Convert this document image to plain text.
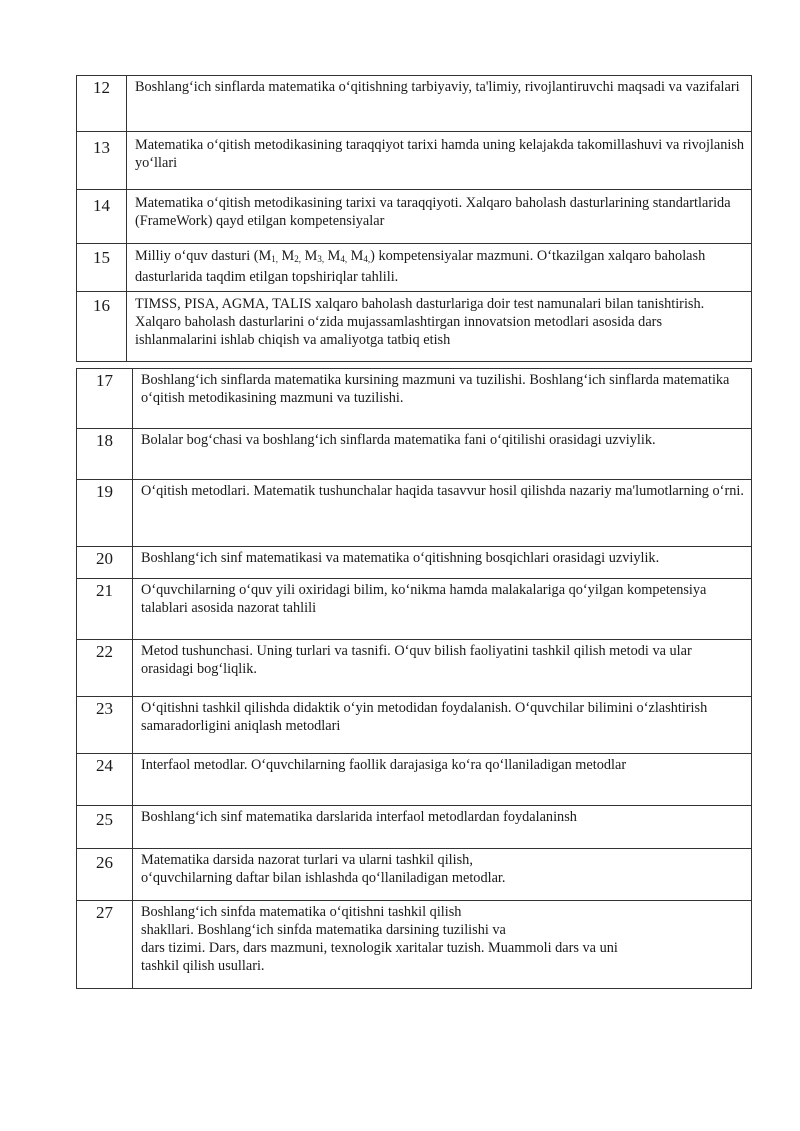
12	Boshlang‘ich sinflarda matematika o‘qitishning tarbiyaviy, ta'limiy, rivojlantiruvchi maqsadi va vazifalari
13	Matematika o‘qitish metodikasining taraqqiyot tarixi hamda uning kelajakda takomillashuvi va rivojlanish yo‘llari
14	Matematika o‘qitish metodikasining tarixi va taraqqiyoti. Xalqaro baholash dasturlarining standartlarida (FrameWork) qayd etilgan kompetensiyalar
15	Milliy o‘quv dasturi ($M_{1,}$ $M_{2,}$ $M_{3,}$ $M_{4,}$ $M_{4,}$) kompetensiyalar mazmuni. O‘tkazilgan xalqaro baholash dasturlarida taqdim etilgan topshiriqlar tahlili.
16	TIMSS, PISA, AGMA, TALIS xalqaro baholash dasturlariga doir test namunalari bilan tanishtirish. Xalqaro baholash dasturlarini o‘zida mujassamlashtirgan innovatsion metodlari asosida dars ishlanmalarini ishlab chiqish va amaliyotga tatbiq etish
17	Boshlang‘ich sinflarda matematika kursining mazmuni va tuzilishi. Boshlang‘ich sinflarda matematika o‘qitish metodikasining mazmuni va tuzilishi.
18	Bolalar bog‘chasi va boshlang‘ich sinflarda matematika fani o‘qitilishi orasidagi uzviylik.
19	O‘qitish metodlari. Matematik tushunchalar haqida tasavvur hosil qilishda nazariy ma'lumotlarning o‘rni.
20	Boshlang‘ich sinf matematikasi va matematika o‘qitishning bosqichlari orasidagi uzviylik.
21	O‘quvchilarning o‘quv yili oxiridagi bilim, ko‘nikma hamda malakalariga qo‘yilgan kompetensiya talablari asosida nazorat tahlili
22	Metod tushunchasi. Uning turlari va tasnifi. O‘quv bilish faoliyatini tashkil qilish metodi va ular orasidagi bog‘liqlik.
23	O‘qitishni tashkil qilishda didaktik o‘yin metodidan foydalanish. O‘quvchilar bilimini o‘zlashtirish samaradorligini aniqlash metodlari
24	Interfaol metodlar. O‘quvchilarning faollik darajasiga ko‘ra qo‘llaniladigan metodlar
25	Boshlang‘ich sinf matematika darslarida interfaol metodlardan foydalaninsh
26	Matematika darsida nazorat turlari va ularni tashkil qilish,
o‘quvchilarning daftar bilan ishlashda qo‘llaniladigan metodlar.
27	Boshlang‘ich sinfda matematika o‘qitishni tashkil qilish
shakllari. Boshlang‘ich sinfda matematika darsining tuzilishi va
dars tizimi. Dars, dars mazmuni, texnologik xaritalar tuzish. Muammoli dars va uni
tashkil qilish usullari.
